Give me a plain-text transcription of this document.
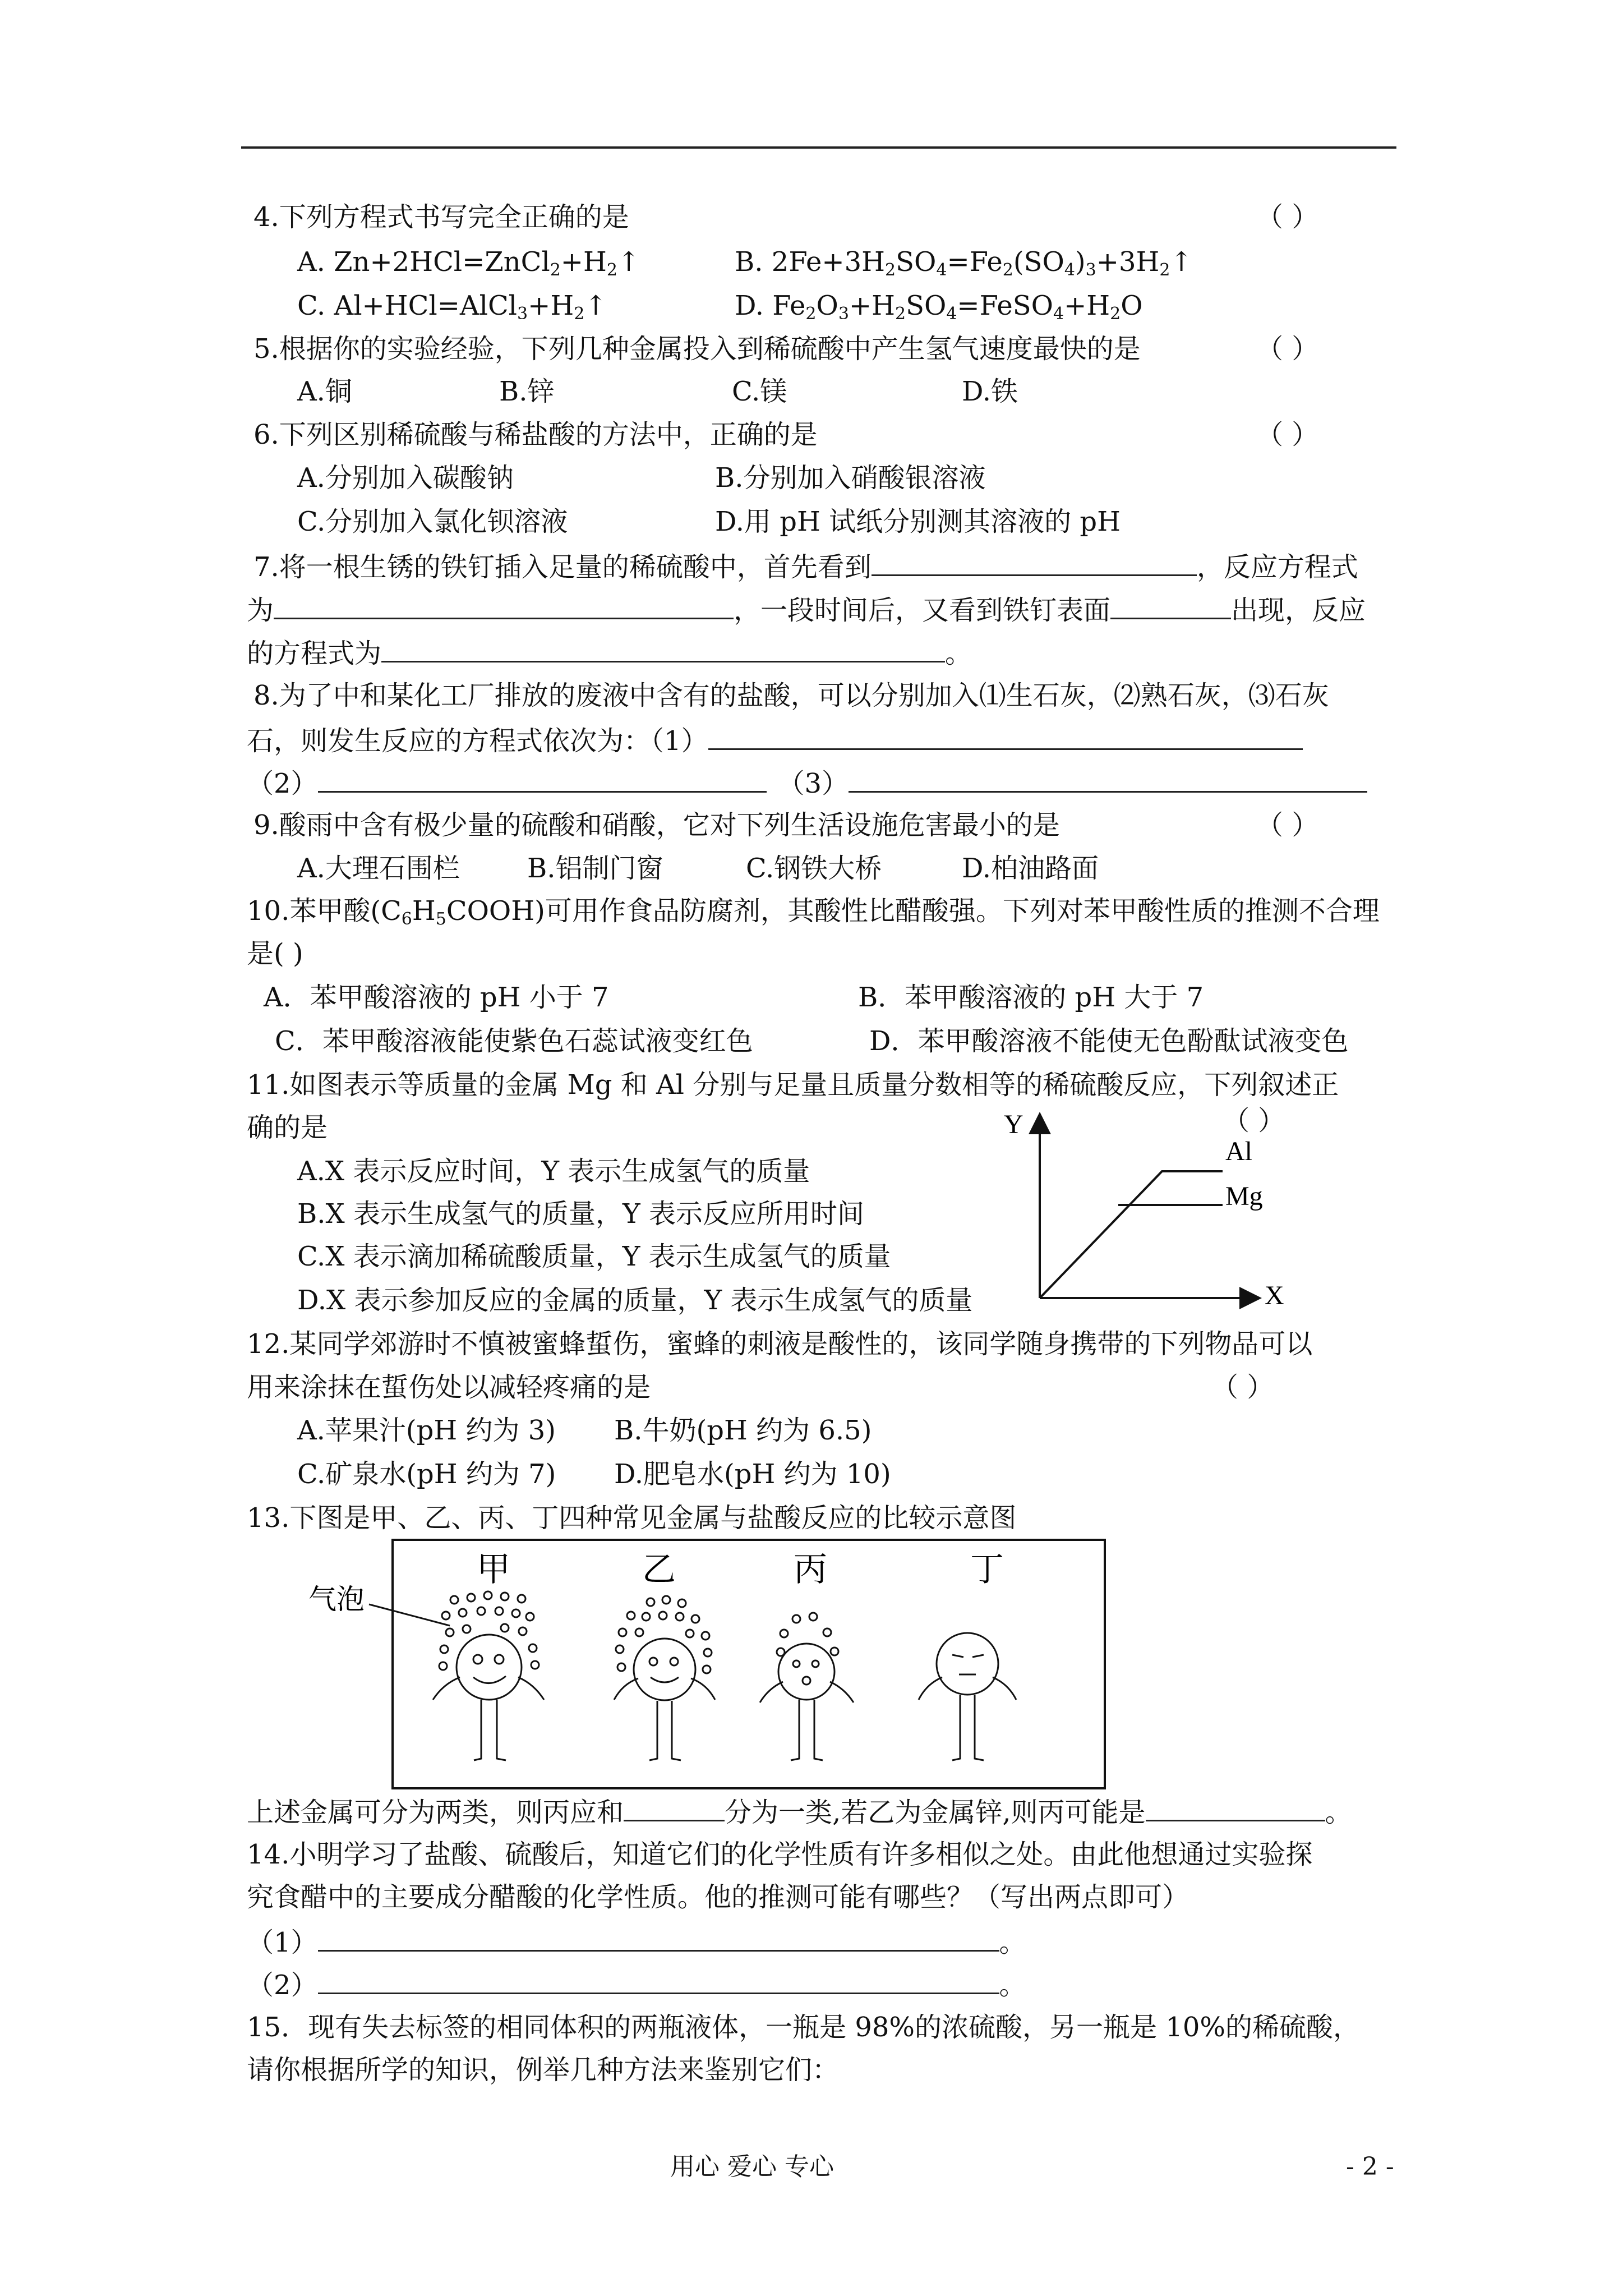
4.下列方程式书写完全正确的是	（ ）
A. $Zn+2HCl=ZnCl_2+H_2↑$	B. $2Fe+3H_2SO_4=Fe_2(SO_4)_3+3H_2↑$
C. $Al+HCl=AlCl_3+H_2↑$	D. $Fe_2O_3+H_2SO_4=FeSO_4+H_2O$
5.根据你的实验经验，下列几种金属投入到稀硫酸中产生氢气速度最快的是	（ ）
A.铜	B.锌	C.镁	D.铁
6.下列区别稀硫酸与稀盐酸的方法中，正确的是	（ ）
A.分别加入碳酸钠	B.分别加入硝酸银溶液
C.分别加入氯化钡溶液	D.用 pH 试纸分别测其溶液的 pH
7.将一根生锈的铁钉插入足量的稀硫酸中，首先看到	，反应方程式
为	，一段时间后，又看到铁钉表面	出现，反应
的方程式为	。
8.为了中和某化工厂排放的废液中含有的盐酸，可以分别加入⑴生石灰，⑵熟石灰，⑶石灰
石，则发生反应的方程式依次为：（1）
（2）	（3）
9.酸雨中含有极少量的硫酸和硝酸，它对下列生活设施危害最小的是	（ ）
A.大理石围栏	B.铝制门窗	C.钢铁大桥	D.柏油路面
10.苯甲酸$(C_6H_5COOH)$可用作食品防腐剂，其酸性比醋酸强。下列对苯甲酸性质的推测不合理
是( )
A．苯甲酸溶液的 pH 小于 7	B．苯甲酸溶液的 pH 大于 7
C．苯甲酸溶液能使紫色石蕊试液变红色	D．苯甲酸溶液不能使无色酚酞试液变色
11.如图表示等质量的金属 Mg 和 Al 分别与足量且质量分数相等的稀硫酸反应，下列叙述正
确的是	（ ）
A.X 表示反应时间，Y 表示生成氢气的质量
B.X 表示生成氢气的质量，Y 表示反应所用时间
C.X 表示滴加稀硫酸质量，Y 表示生成氢气的质量
D.X 表示参加反应的金属的质量，Y 表示生成氢气的质量
Y
X
Al
Mg
12.某同学郊游时不慎被蜜蜂蜇伤，蜜蜂的刺液是酸性的，该同学随身携带的下列物品可以
用来涂抹在蜇伤处以减轻疼痛的是	（ ）
A.苹果汁(pH 约为 3) B.牛奶(pH 约为 6.5)
C.矿泉水(pH 约为 7) D.肥皂水(pH 约为 10)
13.下图是甲、乙、丙、丁四种常见金属与盐酸反应的比较示意图
气泡
甲	乙	丙	丁
上述金属可分为两类，则丙应和	分为一类,若乙为金属锌,则丙可能是	。
14.小明学习了盐酸、硫酸后，知道它们的化学性质有许多相似之处。由此他想通过实验探
究食醋中的主要成分醋酸的化学性质。他的推测可能有哪些？（写出两点即可）
（1）	。
（2）	。
15．现有失去标签的相同体积的两瓶液体，一瓶是 98%的浓硫酸，另一瓶是 10%的稀硫酸，
请你根据所学的知识，例举几种方法来鉴别它们：
用心 爱心 专心	- 2 -
